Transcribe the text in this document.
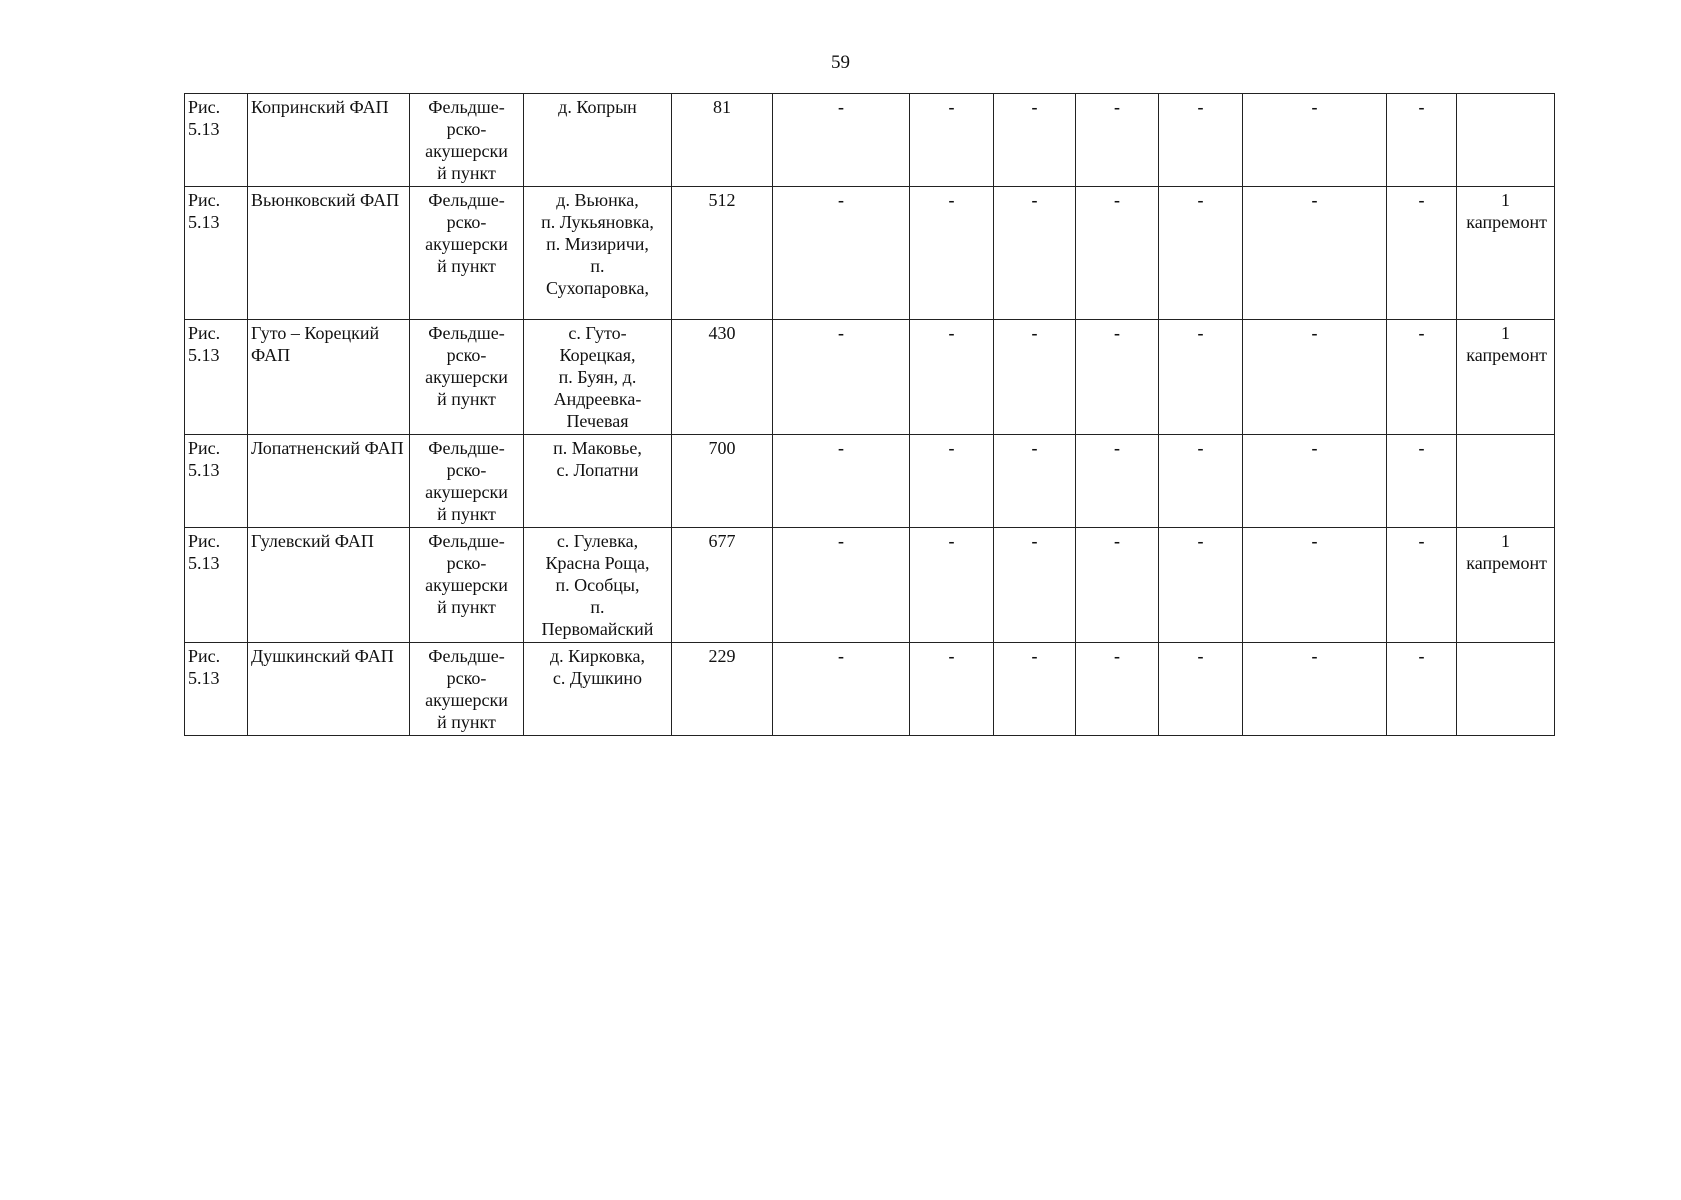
59
Рис.
5.13	Копринский ФАП	Фельдше-
рско-
акушерски
й пункт	д. Копрын	81	-	-	-	-	-	-	-	

Рис.
5.13	Вьюнковский ФАП	Фельдше-
рско-
акушерски
й пункт	д. Вьюнка,
п. Лукьяновка,
п. Мизиричи,
п.
Сухопаровка,	512	-	-	-	-	-	-	-	1
капремонт

Рис.
5.13	Гуто – Корецкий ФАП	Фельдше-
рско-
акушерски
й пункт	с. Гуто-
Корецкая,
п. Буян, д.
Андреевка-
Печевая	430	-	-	-	-	-	-	-	1
капремонт

Рис.
5.13	Лопатненский ФАП	Фельдше-
рско-
акушерски
й пункт	п. Маковье,
с. Лопатни	700	-	-	-	-	-	-	-	

Рис.
5.13	Гулевский ФАП	Фельдше-
рско-
акушерски
й пункт	с. Гулевка,
Красна Роща,
п. Особцы,
п.
Первомайский	677	-	-	-	-	-	-	-	1
капремонт

Рис.
5.13	Душкинский ФАП	Фельдше-
рско-
акушерски
й пункт	д. Кирковка,
с. Душкино	229	-	-	-	-	-	-	-	
